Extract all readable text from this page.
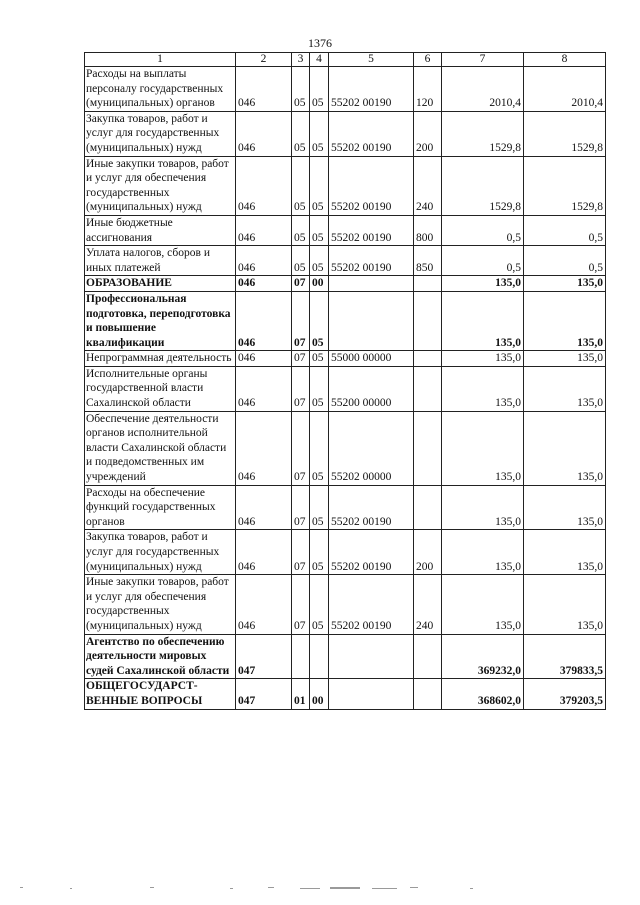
1376
1	2	3	4	5	6	7	8
Расходы на выплаты персоналу государственных (муниципальных) органов	046	05	05	55202 00190	120	2010,4	2010,4
Закупка товаров, работ и услуг для государственных (муниципальных) нужд	046	05	05	55202 00190	200	1529,8	1529,8
Иные закупки товаров, работ и услуг для обеспечения государственных (муниципальных) нужд	046	05	05	55202 00190	240	1529,8	1529,8
Иные бюджетные ассигнования	046	05	05	55202 00190	800	0,5	0,5
Уплата налогов, сборов и иных платежей	046	05	05	55202 00190	850	0,5	0,5
ОБРАЗОВАНИЕ	046	07	00			135,0	135,0
Профессиональная подготовка, переподготовка и повышение квалификации	046	07	05			135,0	135,0
Непрограммная деятельность	046	07	05	55000 00000		135,0	135,0
Исполнительные органы государственной власти Сахалинской области	046	07	05	55200 00000		135,0	135,0
Обеспечение деятельности органов исполнительной власти Сахалинской области и подведомственных им учреждений	046	07	05	55202 00000		135,0	135,0
Расходы на обеспечение функций государственных органов	046	07	05	55202 00190		135,0	135,0
Закупка товаров, работ и услуг для государственных (муниципальных) нужд	046	07	05	55202 00190	200	135,0	135,0
Иные закупки товаров, работ и услуг для обеспечения государственных (муниципальных) нужд	046	07	05	55202 00190	240	135,0	135,0
Агентство по обеспечению деятельности мировых судей Сахалинской области	047					369232,0	379833,5
ОБЩЕГОСУДАРСТ-ВЕННЫЕ ВОПРОСЫ	047	01	00			368602,0	379203,5
